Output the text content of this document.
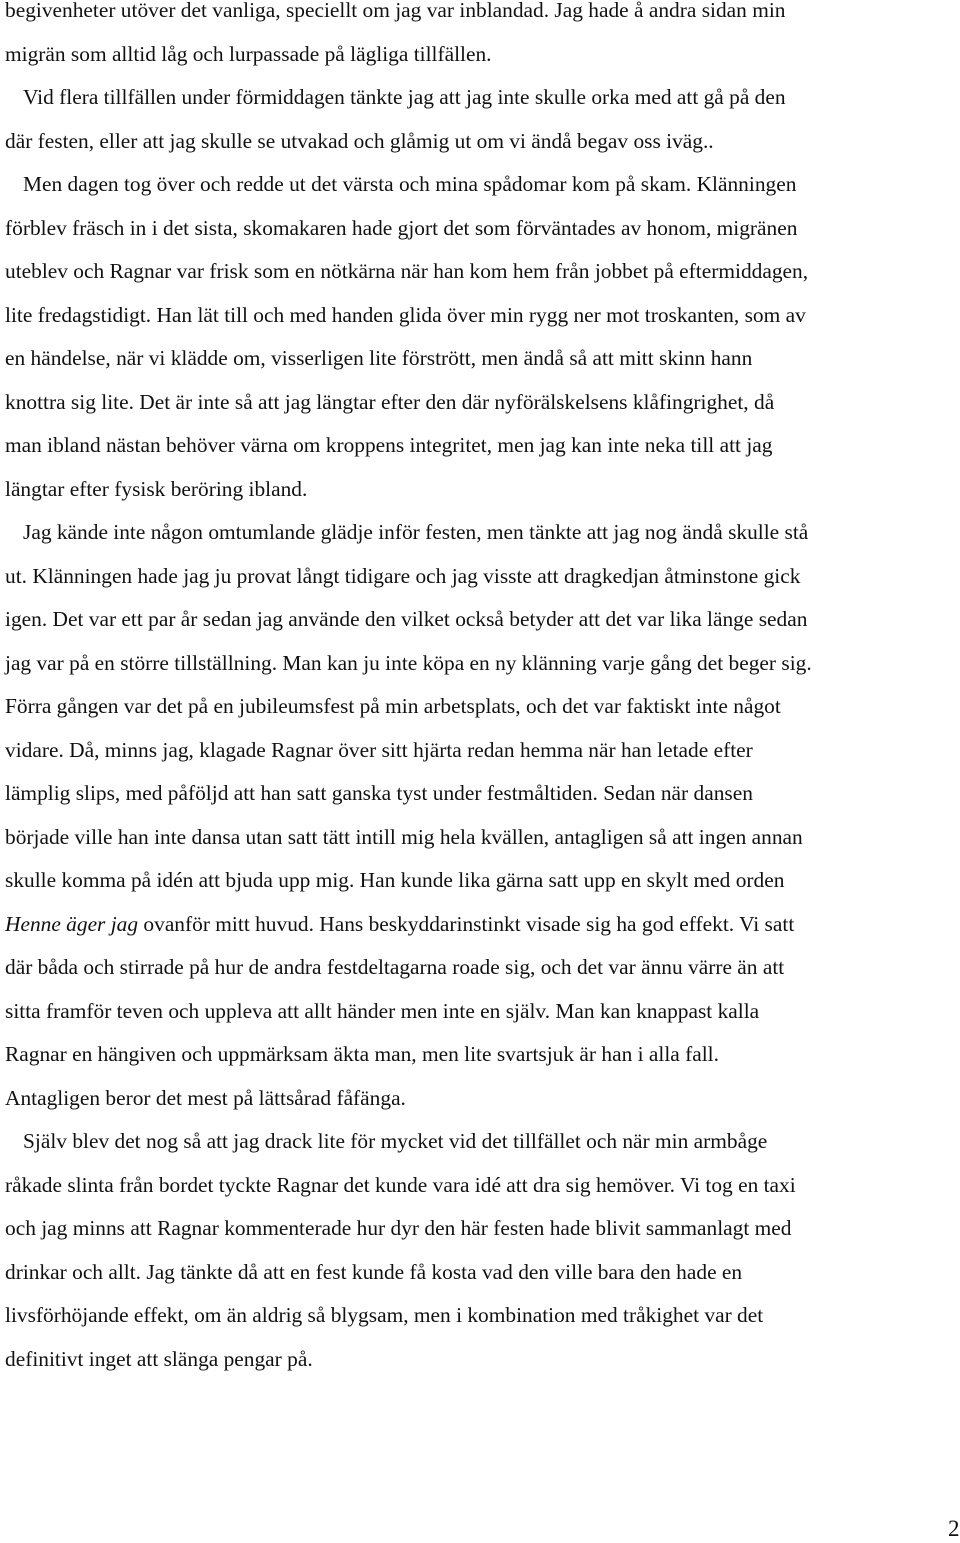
begivenheter utöver det vanliga, speciellt om jag var inblandad. Jag hade å andra sidan min

migrän som alltid låg och lurpassade på lägliga tillfällen.

Vid flera tillfällen under förmiddagen tänkte jag att jag inte skulle orka med att gå på den

där festen, eller att jag skulle se utvakad och glåmig ut om vi ändå begav oss iväg..

Men dagen tog över och redde ut det värsta och mina spådomar kom på skam. Klänningen

förblev fräsch in i det sista, skomakaren hade gjort det som förväntades av honom, migränen

uteblev och Ragnar var frisk som en nötkärna när han kom hem från jobbet på eftermiddagen,

lite fredagstidigt. Han lät till och med handen glida över min rygg ner mot troskanten, som av

en händelse, när vi klädde om, visserligen lite förstrött, men ändå så att mitt skinn hann

knottra sig lite. Det är inte så att jag längtar efter den där nyförälskelsens klåfingrighet, då

man ibland nästan behöver värna om kroppens integritet, men jag kan inte neka till att jag

längtar efter fysisk beröring ibland.

Jag kände inte någon omtumlande glädje inför festen, men tänkte att jag nog ändå skulle stå

ut. Klänningen hade jag ju provat långt tidigare och jag visste att dragkedjan åtminstone gick

igen. Det var ett par år sedan jag använde den vilket också betyder att det var lika länge sedan

jag var på en större tillställning. Man kan ju inte köpa en ny klänning varje gång det beger sig.

Förra gången var det på en jubileumsfest på min arbetsplats, och det var faktiskt inte något

vidare. Då, minns jag, klagade Ragnar över sitt hjärta redan hemma när han letade efter

lämplig slips, med påföljd att han satt ganska tyst under festmåltiden. Sedan när dansen

började ville han inte dansa utan satt tätt intill mig hela kvällen, antagligen så att ingen annan

skulle komma på idén att bjuda upp mig. Han kunde lika gärna satt upp en skylt med orden

Henne äger jag ovanför mitt huvud. Hans beskyddarinstinkt visade sig ha god effekt. Vi satt

där båda och stirrade på hur de andra festdeltagarna roade sig, och det var ännu värre än att

sitta framför teven och uppleva att allt händer men inte en själv. Man kan knappast kalla

Ragnar en hängiven och uppmärksam äkta man, men lite svartsjuk är han i alla fall.

Antagligen beror det mest på lättsårad fåfänga.

Själv blev det nog så att jag drack lite för mycket vid det tillfället och när min armbåge

råkade slinta från bordet tyckte Ragnar det kunde vara idé att dra sig hemöver. Vi tog en taxi

och jag minns att Ragnar kommenterade hur dyr den här festen hade blivit sammanlagt med

drinkar och allt. Jag tänkte då att en fest kunde få kosta vad den ville bara den hade en

livsförhöjande effekt, om än aldrig så blygsam, men i kombination med tråkighet var det

definitivt inget att slänga pengar på.

2
